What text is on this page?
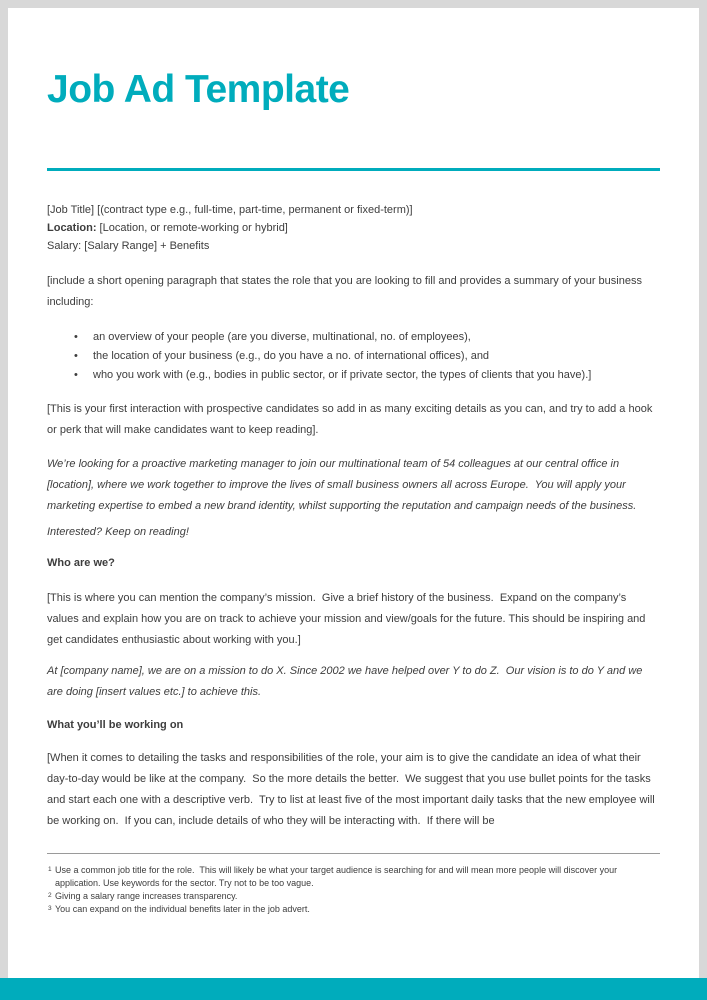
Job Ad Template

[Job Title] [(contract type e.g., full-time, part-time, permanent or fixed-term)]

Location: [Location, or remote-working or hybrid]

Salary: [Salary Range] + Benefits

[include a short opening paragraph that states the role that you are looking to fill and provides a summary of your business including:

• an overview of your people (are you diverse, multinational, no. of employees),
• the location of your business (e.g., do you have a no. of international offices), and
• who you work with (e.g., bodies in public sector, or if private sector, the types of clients that you have).]

[This is your first interaction with prospective candidates so add in as many exciting details as you can, and try to add a hook or perk that will make candidates want to keep reading].

We’re looking for a proactive marketing manager to join our multinational team of 54 colleagues at our central office in [location], where we work together to improve the lives of small business owners all across Europe.  You will apply your marketing expertise to embed a new brand identity, whilst supporting the reputation and campaign needs of the business.

Interested? Keep on reading!

Who are we?

[This is where you can mention the company’s mission.  Give a brief history of the business.  Expand on the company’s values and explain how you are on track to achieve your mission and view/goals for the future. This should be inspiring and get candidates enthusiastic about working with you.]

At [company name], we are on a mission to do X. Since 2002 we have helped over Y to do Z.  Our vision is to do Y and we are doing [insert values etc.] to achieve this.

What you’ll be working on

[When it comes to detailing the tasks and responsibilities of the role, your aim is to give the candidate an idea of what their day-to-day would be like at the company.  So the more details the better.  We suggest that you use bullet points for the tasks and start each one with a descriptive verb.  Try to list at least five of the most important daily tasks that the new employee will be working on.  If you can, include details of who they will be interacting with.  If there will be

1 Use a common job title for the role.  This will likely be what your target audience is searching for and will mean more people will discover your application. Use keywords for the sector. Try not to be too vague.
2 Giving a salary range increases transparency.
3 You can expand on the individual benefits later in the job advert.
